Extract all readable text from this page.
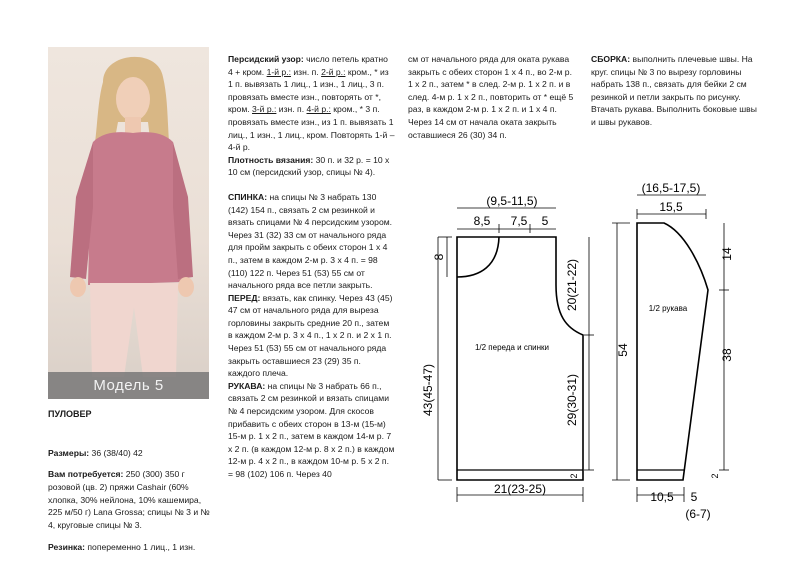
Модель 5
ПУЛОВЕР

Размеры: 36 (38/40) 42

Вам потребуется: 250 (300) 350 г розовой (цв. 2) пряжи Cashair (60% хлопка, 30% нейлона, 10% кашемира, 225 м/50 г) Lana Grossa; спицы № 3 и № 4, круговые спицы № 3.

Резинка: попеременно 1 лиц., 1 изн.

Персидский узор: число петель кратно 4 + кром. 1-й р.: изн. п. 2-й р.: кром., * из 1 п. вывязать 1 лиц., 1 изн., 1 лиц., 3 п. провязать вместе изн., повторять от *, кром. 3-й р.: изн. п. 4-й р.: кром., * 3 п. провязать вместе изн., из 1 п. вывязать 1 лиц., 1 изн., 1 лиц., кром. Повторять 1-й – 4-й р.

Плотность вязания: 30 п. и 32 р. = 10 х 10 см (персидский узор, спицы № 4).

СПИНКА: на спицы № 3 набрать 130 (142) 154 п., связать 2 см резинкой и вязать спицами № 4 персидским узором. Через 31 (32) 33 см от начального ряда для пройм закрыть с обеих сторон 1 х 4 п., затем в каждом 2-м р. 3 х 4 п. = 98 (110) 122 п. Через 51 (53) 55 см от начального ряда все петли закрыть.

ПЕРЕД: вязать, как спинку. Через 43 (45) 47 см от начального ряда для выреза горловины закрыть средние 20 п., затем в каждом 2-м р. 3 х 4 п., 1 х 2 п. и 2 х 1 п. Через 51 (53) 55 см от начального ряда закрыть оставшиеся 23 (29) 35 п. каждого плеча.

РУКАВА: на спицы № 3 набрать 66 п., связать 2 см резинкой и вязать спицами № 4 персидским узором. Для скосов прибавить с обеих сторон в 13-м (15-м) 15-м р. 1 х 2 п., затем в каждом 14-м р. 7 х 2 п. (в каждом 12-м р. 8 х 2 п.) в каждом 12-м р. 4 х 2 п., в каждом 10-м р. 5 х 2 п. = 98 (102) 106 п. Через 40

см от начального ряда для оката рукава закрыть с обеих сторон 1 х 4 п., во 2-м р. 1 х 2 п., затем * в след. 2-м р. 1 х 2 п. и в след. 4-м р. 1 х 2 п., повторить от * ещё 5 раз, в каждом 2-м р. 1 х 2 п. и 1 х 4 п. Через 14 см от начала оката закрыть оставшиеся 26 (30) 34 п.

СБОРКА: выполнить плечевые швы. На круг. спицы № 3 по вырезу горловины набрать 138 п., связать для бейки 2 см резинкой и петли закрыть по рисунку. Втачать рукава. Выполнить боковые швы и швы рукавов.

(9,5-11,5)
8,5 7,5 5
8
20(21-22)
1/2 переда и спинки
43(45-47)	29(30-31)
2
21(23-25)
(16,5-17,5)
15,5
14
1/2 рукава
54	38
2
10,5 5
(6-7)
